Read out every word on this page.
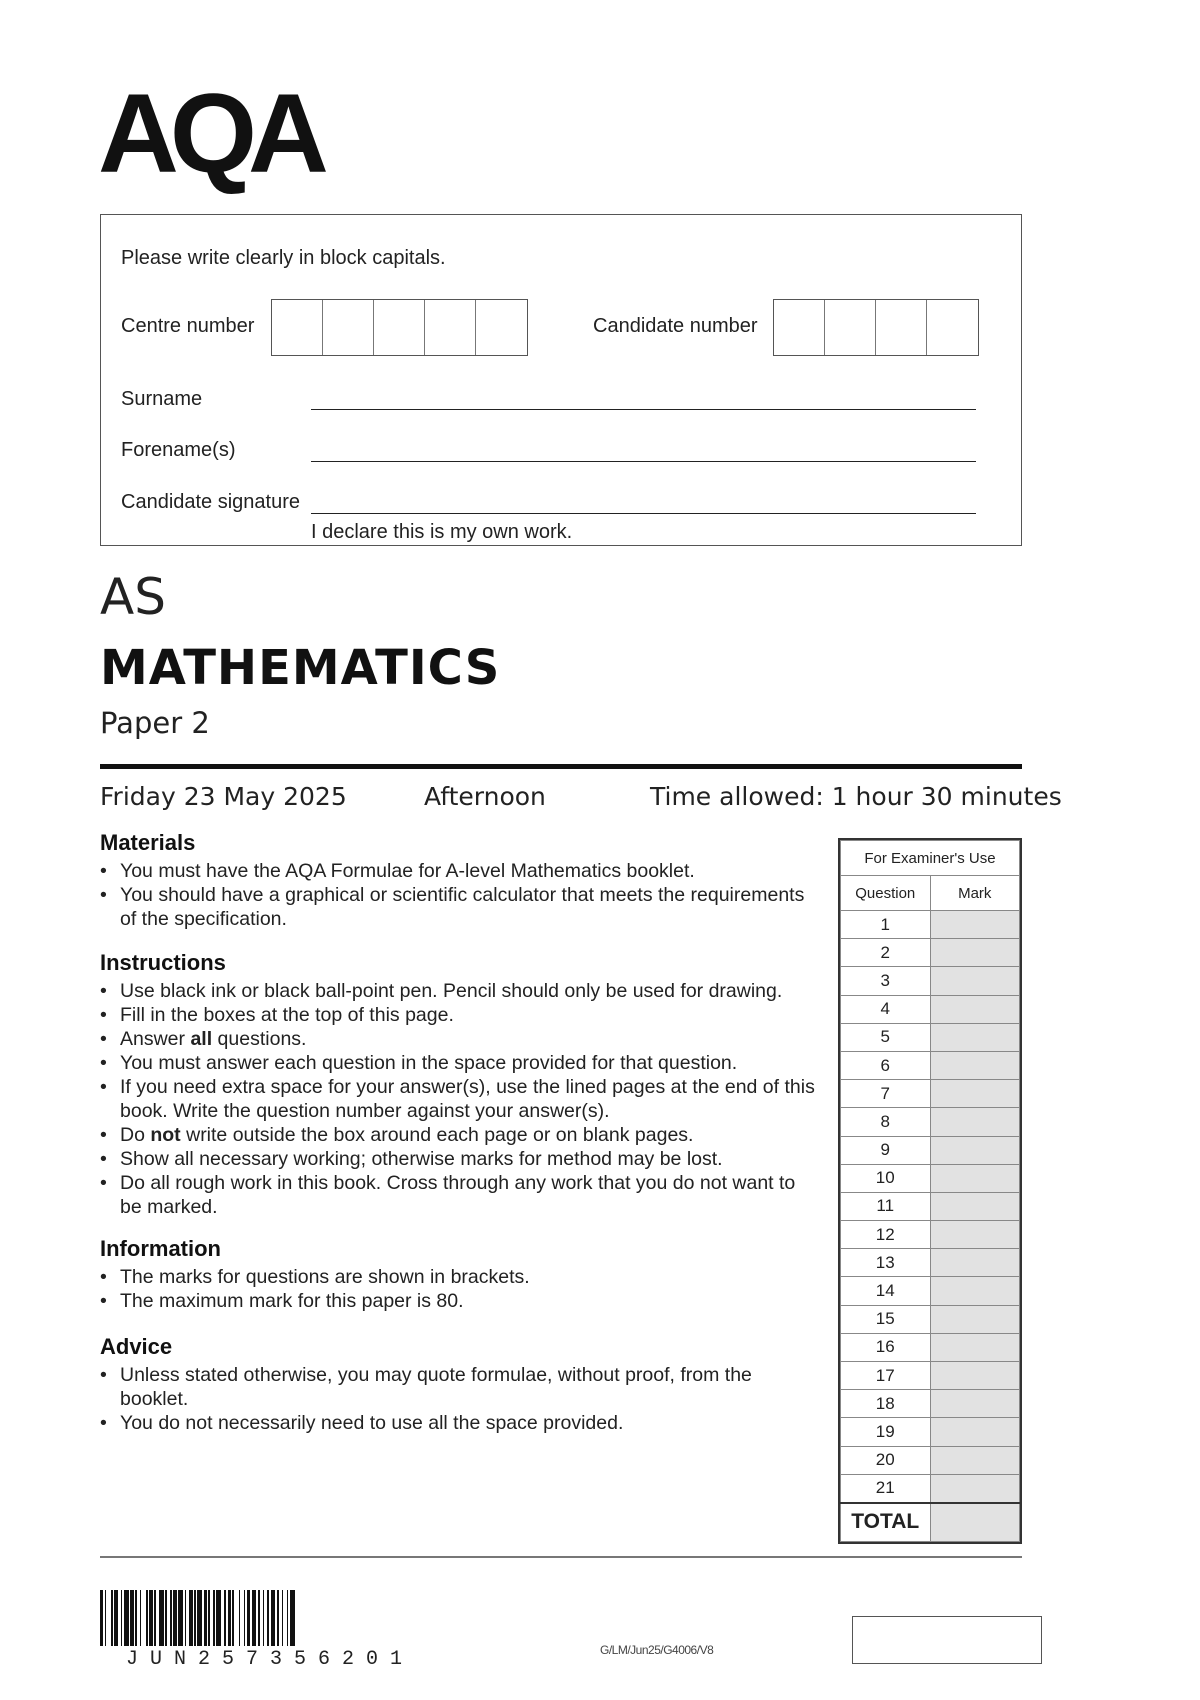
AQA
Please write clearly in block capitals.
Centre number	Candidate number
Surname
Forename(s)
Candidate signature
I declare this is my own work.
AS
MATHEMATICS
Paper 2
Friday 23 May 2025	Afternoon	Time allowed: 1 hour 30 minutes
Materials
• You must have the AQA Formulae for A-level Mathematics booklet.
• You should have a graphical or scientific calculator that meets the requirements of the specification.
Instructions
• Use black ink or black ball-point pen. Pencil should only be used for drawing.
• Fill in the boxes at the top of this page.
• Answer all questions.
• You must answer each question in the space provided for that question.
• If you need extra space for your answer(s), use the lined pages at the end of this book. Write the question number against your answer(s).
• Do not write outside the box around each page or on blank pages.
• Show all necessary working; otherwise marks for method may be lost.
• Do all rough work in this book. Cross through any work that you do not want to be marked.
Information
• The marks for questions are shown in brackets.
• The maximum mark for this paper is 80.
Advice
• Unless stated otherwise, you may quote formulae, without proof, from the booklet.
• You do not necessarily need to use all the space provided.
For Examiner's Use	
Question	Mark
1	
2	
3	
4	
5	
6	
7	
8	
9	
10	
11	
12	
13	
14	
15	
16	
17	
18	
19	
20	
21	
TOTAL	
JUN257356201	G/LM/Jun25/G4006/V8
